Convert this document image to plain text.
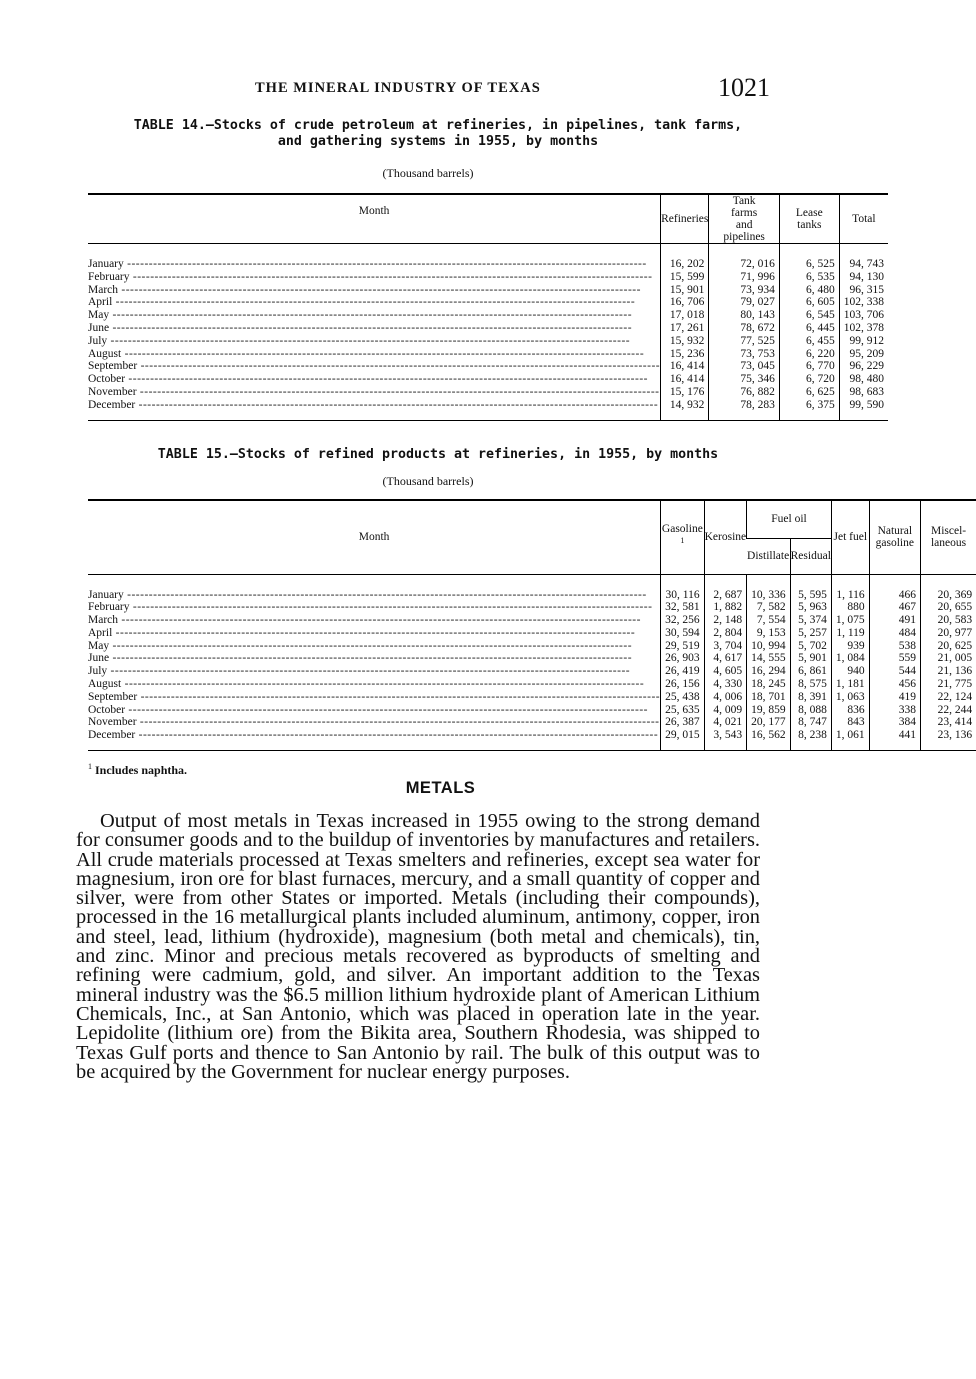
THE MINERAL INDUSTRY OF TEXAS	1021
TABLE 14.—Stocks of crude petroleum at refineries, in pipelines, tank farms,
and gathering systems in 1955, by months
(Thousand barrels)
Month	Refineries	Tank farms and pipelines	Lease tanks	Total
January ------------------------------------------------------------------------------------------------------------------------	16, 202	72, 016	6, 525	94, 743
February ------------------------------------------------------------------------------------------------------------------------	15, 599	71, 996	6, 535	94, 130
March ------------------------------------------------------------------------------------------------------------------------	15, 901	73, 934	6, 480	96, 315
April ------------------------------------------------------------------------------------------------------------------------	16, 706	79, 027	6, 605	102, 338
May ------------------------------------------------------------------------------------------------------------------------	17, 018	80, 143	6, 545	103, 706
June ------------------------------------------------------------------------------------------------------------------------	17, 261	78, 672	6, 445	102, 378
July ------------------------------------------------------------------------------------------------------------------------	15, 932	77, 525	6, 455	99, 912
August ------------------------------------------------------------------------------------------------------------------------	15, 236	73, 753	6, 220	95, 209
September ------------------------------------------------------------------------------------------------------------------------	16, 414	73, 045	6, 770	96, 229
October ------------------------------------------------------------------------------------------------------------------------	16, 414	75, 346	6, 720	98, 480
November ------------------------------------------------------------------------------------------------------------------------	15, 176	76, 882	6, 625	98, 683
December ------------------------------------------------------------------------------------------------------------------------	14, 932	78, 283	6, 375	99, 590
TABLE 15.—Stocks of refined products at refineries, in 1955, by months
(Thousand barrels)
Month	Gasoline $^1$	Kerosine	Fuel oil		Jet fuel	Natural gasoline	Miscel- laneous
			Distillate	Residual			
January ------------------------------------------------------------------------------------------------------------------------	30, 116	2, 687	10, 336	5, 595	1, 116	466	20, 369
February ------------------------------------------------------------------------------------------------------------------------	32, 581	1, 882	7, 582	5, 963	880	467	20, 655
March ------------------------------------------------------------------------------------------------------------------------	32, 256	2, 148	7, 554	5, 374	1, 075	491	20, 583
April ------------------------------------------------------------------------------------------------------------------------	30, 594	2, 804	9, 153	5, 257	1, 119	484	20, 977
May ------------------------------------------------------------------------------------------------------------------------	29, 519	3, 704	10, 994	5, 702	939	538	20, 625
June ------------------------------------------------------------------------------------------------------------------------	26, 903	4, 617	14, 555	5, 901	1, 084	559	21, 005
July ------------------------------------------------------------------------------------------------------------------------	26, 419	4, 605	16, 294	6, 861	940	544	21, 136
August ------------------------------------------------------------------------------------------------------------------------	26, 156	4, 330	18, 245	8, 575	1, 181	456	21, 775
September ------------------------------------------------------------------------------------------------------------------------	25, 438	4, 006	18, 701	8, 391	1, 063	419	22, 124
October ------------------------------------------------------------------------------------------------------------------------	25, 635	4, 009	19, 859	8, 088	836	338	22, 244
November ------------------------------------------------------------------------------------------------------------------------	26, 387	4, 021	20, 177	8, 747	843	384	23, 414
December ------------------------------------------------------------------------------------------------------------------------	29, 015	3, 543	16, 562	8, 238	1, 061	441	23, 136
$^1$ Includes naphtha.
METALS

Output of most metals in Texas increased in 1955 owing to the strong demand for consumer goods and to the buildup of inventories by manufactures and retailers. All crude materials processed at Texas smelters and refineries, except sea water for magnesium, iron ore for blast furnaces, mercury, and a small quantity of copper and silver, were from other States or imported. Metals (including their compounds), processed in the 16 metallurgical plants included aluminum, antimony, copper, iron and steel, lead, lithium (hydroxide), magnesium (both metal and chemicals), tin, and zinc. Minor and precious metals recovered as byproducts of smelting and refining were cadmium, gold, and silver. An important addition to the Texas mineral industry was the $6.5 million lithium hydroxide plant of American Lithium Chemicals, Inc., at San Antonio, which was placed in operation late in the year. Lepidolite (lithium ore) from the Bikita area, Southern Rhodesia, was shipped to Texas Gulf ports and thence to San Antonio by rail. The bulk of this output was to be acquired by the Government for nuclear energy purposes.
